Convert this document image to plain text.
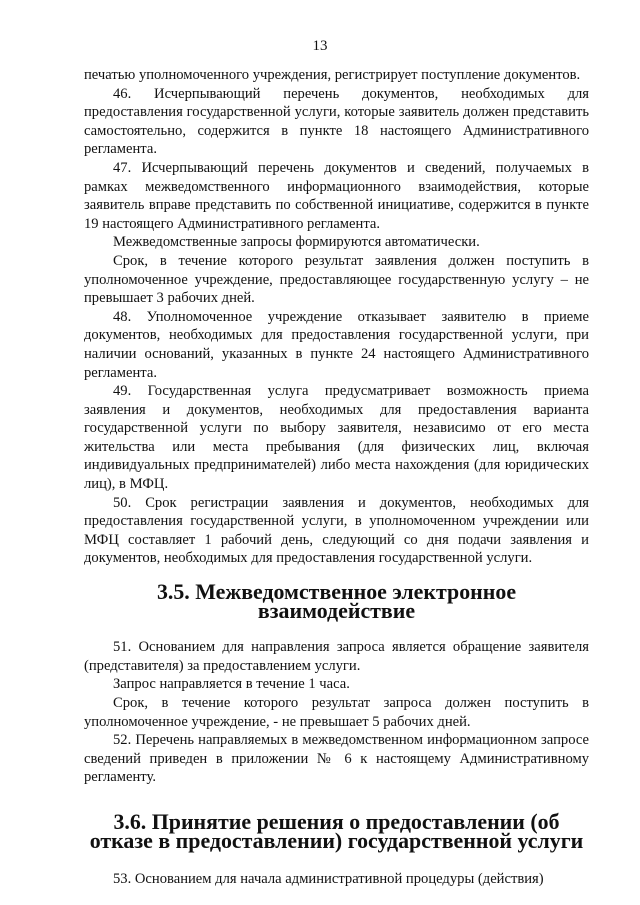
13

печатью уполномоченного учреждения, регистрирует поступление документов.

46. Исчерпывающий перечень документов, необходимых для предоставления государственной услуги, которые заявитель должен представить самостоятельно, содержится в пункте 18 настоящего Административного регламента.

47. Исчерпывающий перечень документов и сведений, получаемых в рамках межведомственного информационного взаимодействия, которые заявитель вправе представить по собственной инициативе, содержится в пункте 19 настоящего Административного регламента.

Межведомственные запросы формируются автоматически.

Срок, в течение которого результат заявления должен поступить в уполномоченное учреждение, предоставляющее государственную услугу – не превышает 3 рабочих дней.

48. Уполномоченное учреждение отказывает заявителю в приеме документов, необходимых для предоставления государственной услуги, при наличии оснований, указанных в пункте 24 настоящего Административного регламента.

49. Государственная услуга предусматривает возможность приема заявления и документов, необходимых для предоставления варианта государственной услуги по выбору заявителя, независимо от его места жительства или места пребывания (для физических лиц, включая индивидуальных предпринимателей) либо места нахождения (для юридических лиц), в МФЦ.

50. Срок регистрации заявления и документов, необходимых для предоставления государственной услуги, в уполномоченном учреждении или МФЦ составляет 1 рабочий день, следующий со дня подачи заявления и документов, необходимых для предоставления государственной услуги.

3.5. Межведомственное электронное взаимодействие

51. Основанием для направления запроса является обращение заявителя (представителя) за предоставлением услуги.

Запрос направляется в течение 1 часа.

Срок, в течение которого результат запроса должен поступить в уполномоченное учреждение, - не превышает 5 рабочих дней.

52. Перечень направляемых в межведомственном информационном запросе сведений приведен в приложении № 6 к настоящему Административному регламенту.

3.6. Принятие решения о предоставлении (об отказе в предоставлении) государственной услуги

53. Основанием для начала административной процедуры (действия)
